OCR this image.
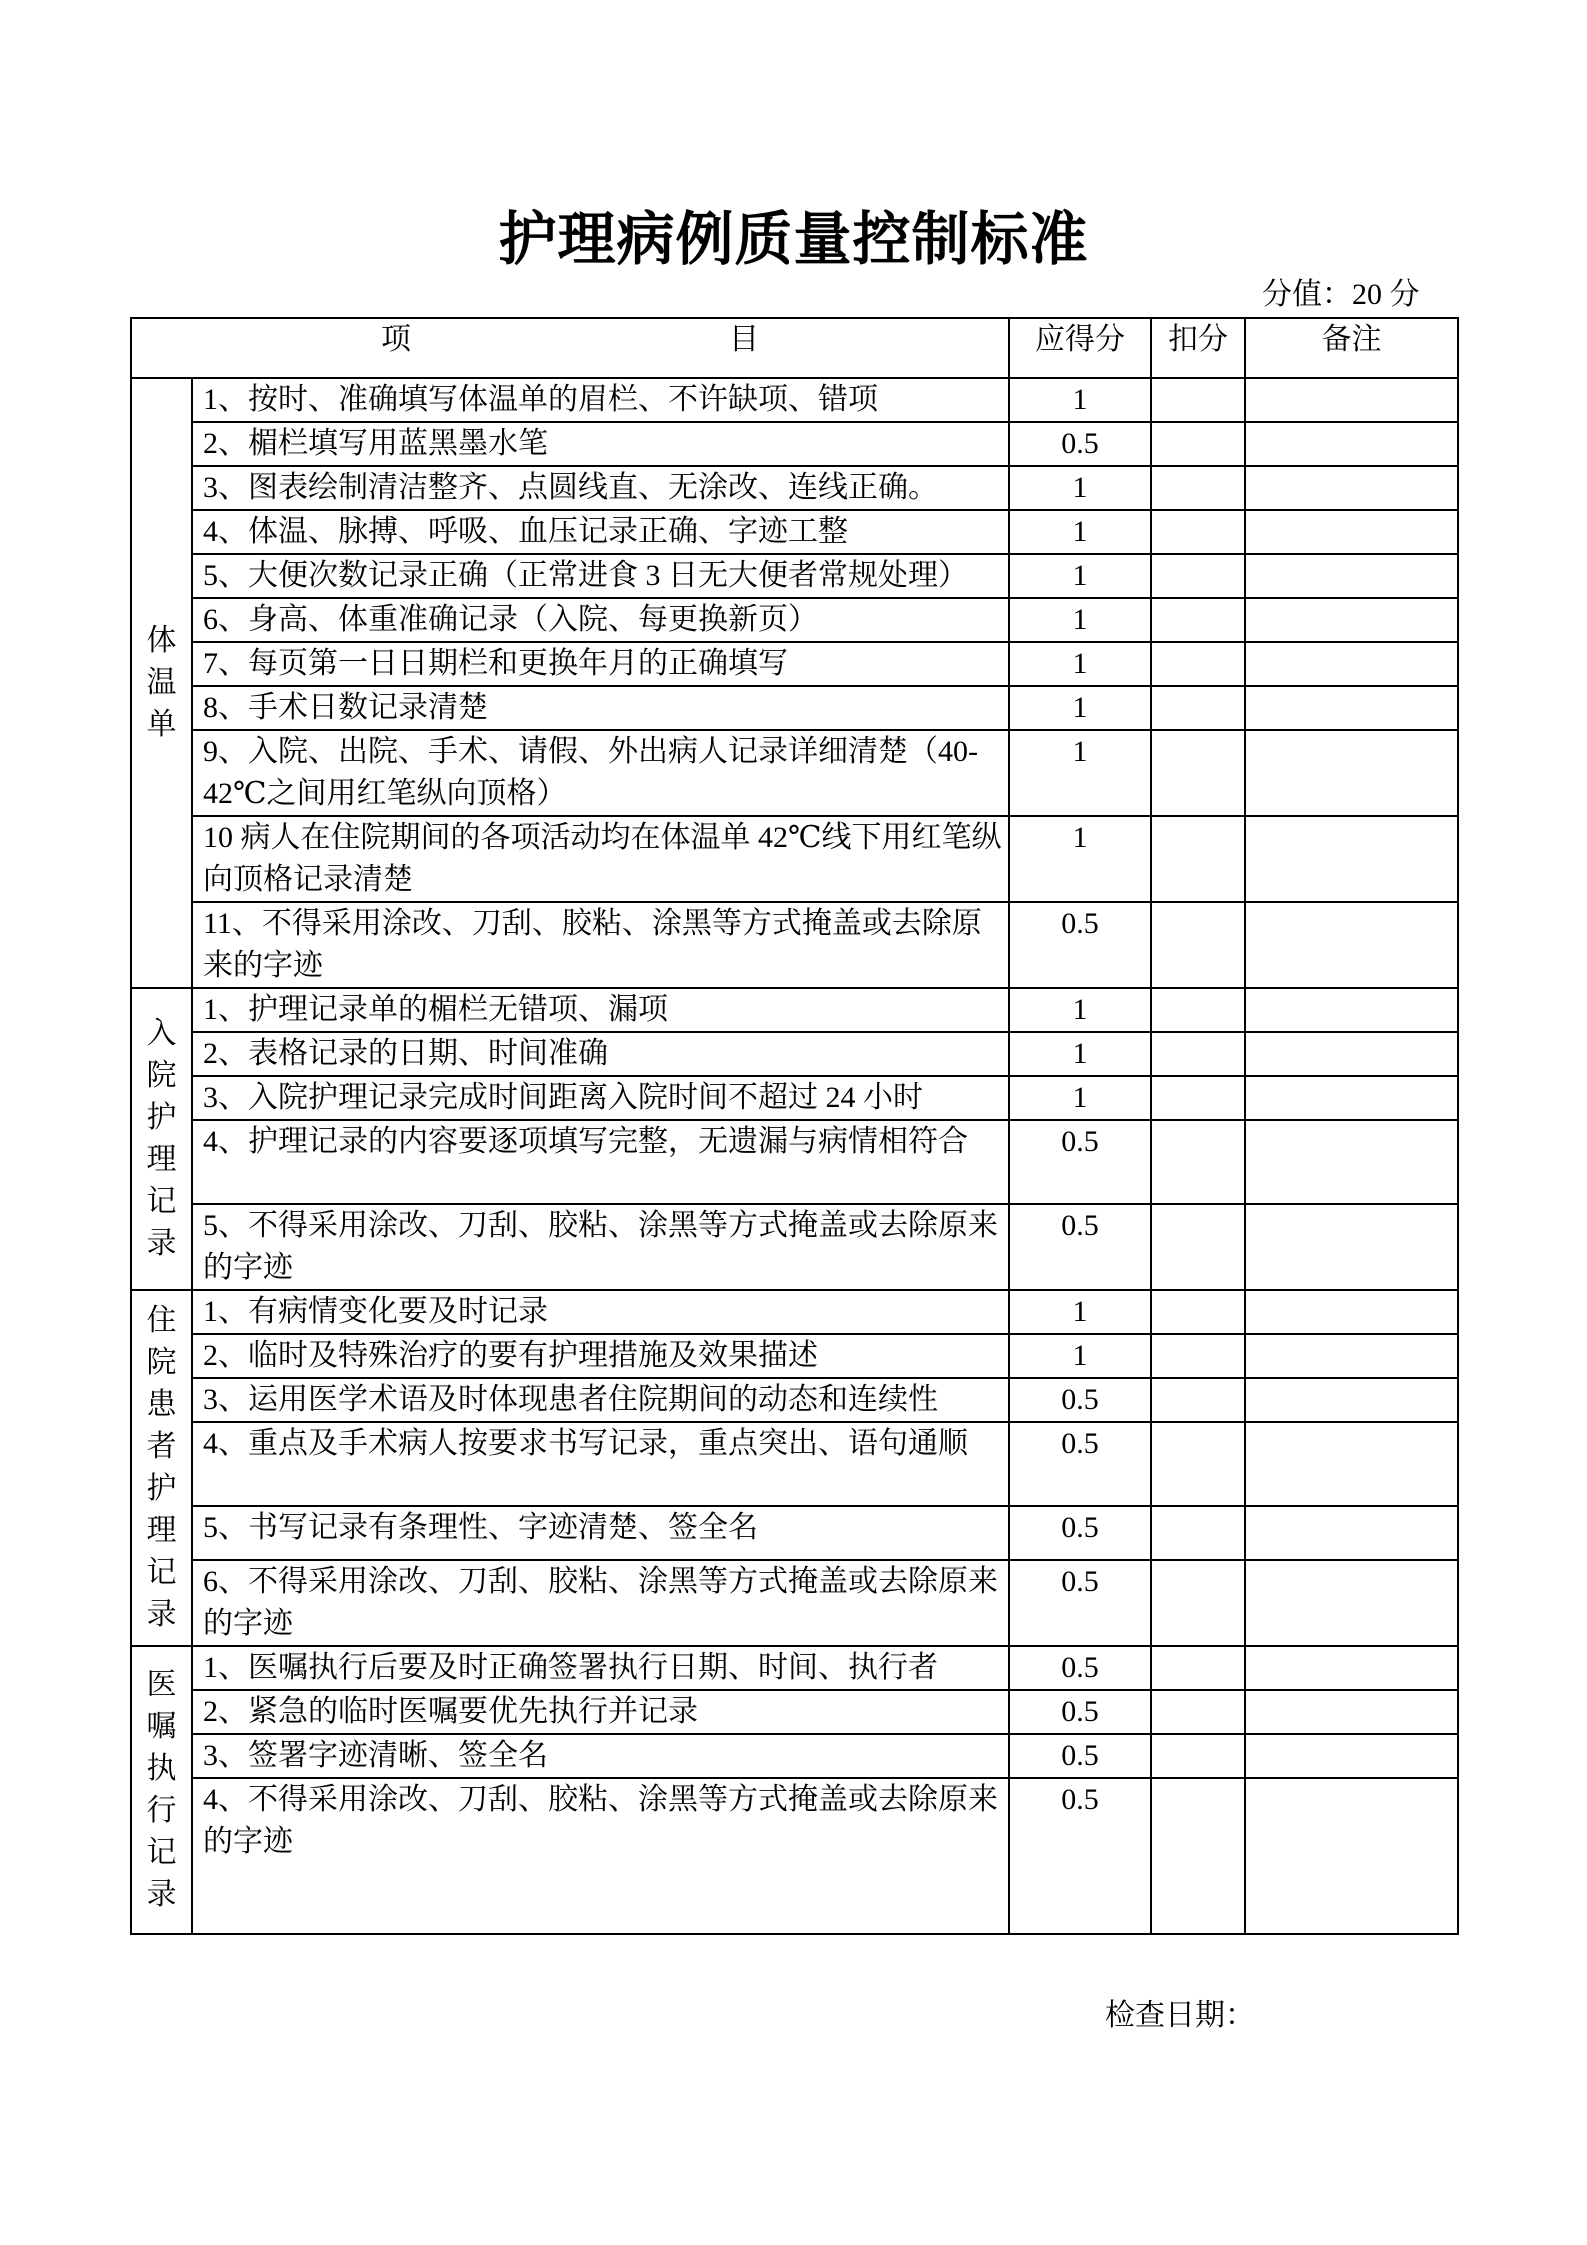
护理病例质量控制标准
分值：20 分
项 目		应得分	扣分	备注
体温单	1、按时、准确填写体温单的眉栏、不许缺项、错项	1		
	2、楣栏填写用蓝黑墨水笔	0.5		
	3、图表绘制清洁整齐、点圆线直、无涂改、连线正确。	1		
	4、体温、脉搏、呼吸、血压记录正确、字迹工整	1		
	5、大便次数记录正确（正常进食 3 日无大便者常规处理）	1		
	6、身高、体重准确记录（入院、每更换新页）	1		
	7、每页第一日日期栏和更换年月的正确填写	1		
	8、手术日数记录清楚	1		
	9、入院、出院、手术、请假、外出病人记录详细清楚（40-42℃之间用红笔纵向顶格）	1		
	10 病人在住院期间的各项活动均在体温单 42℃线下用红笔纵向顶格记录清楚	1		
	11、不得采用涂改、刀刮、胶粘、涂黑等方式掩盖或去除原来的字迹	0.5		
入院护理记录	1、护理记录单的楣栏无错项、漏项	1		
	2、表格记录的日期、时间准确	1		
	3、入院护理记录完成时间距离入院时间不超过 24 小时	1		
	4、护理记录的内容要逐项填写完整，无遗漏与病情相符合	0.5		
	5、不得采用涂改、刀刮、胶粘、涂黑等方式掩盖或去除原来的字迹	0.5		
住院患者护理记录	1、有病情变化要及时记录	1		
	2、临时及特殊治疗的要有护理措施及效果描述	1		
	3、运用医学术语及时体现患者住院期间的动态和连续性	0.5		
	4、重点及手术病人按要求书写记录，重点突出、语句通顺	0.5		
	5、书写记录有条理性、字迹清楚、签全名	0.5		
	6、不得采用涂改、刀刮、胶粘、涂黑等方式掩盖或去除原来的字迹	0.5		
医嘱执行记录	1、医嘱执行后要及时正确签署执行日期、时间、执行者	0.5		
	2、紧急的临时医嘱要优先执行并记录	0.5		
	3、签署字迹清晰、签全名	0.5		
	4、不得采用涂改、刀刮、胶粘、涂黑等方式掩盖或去除原来的字迹	0.5		
检查日期：
